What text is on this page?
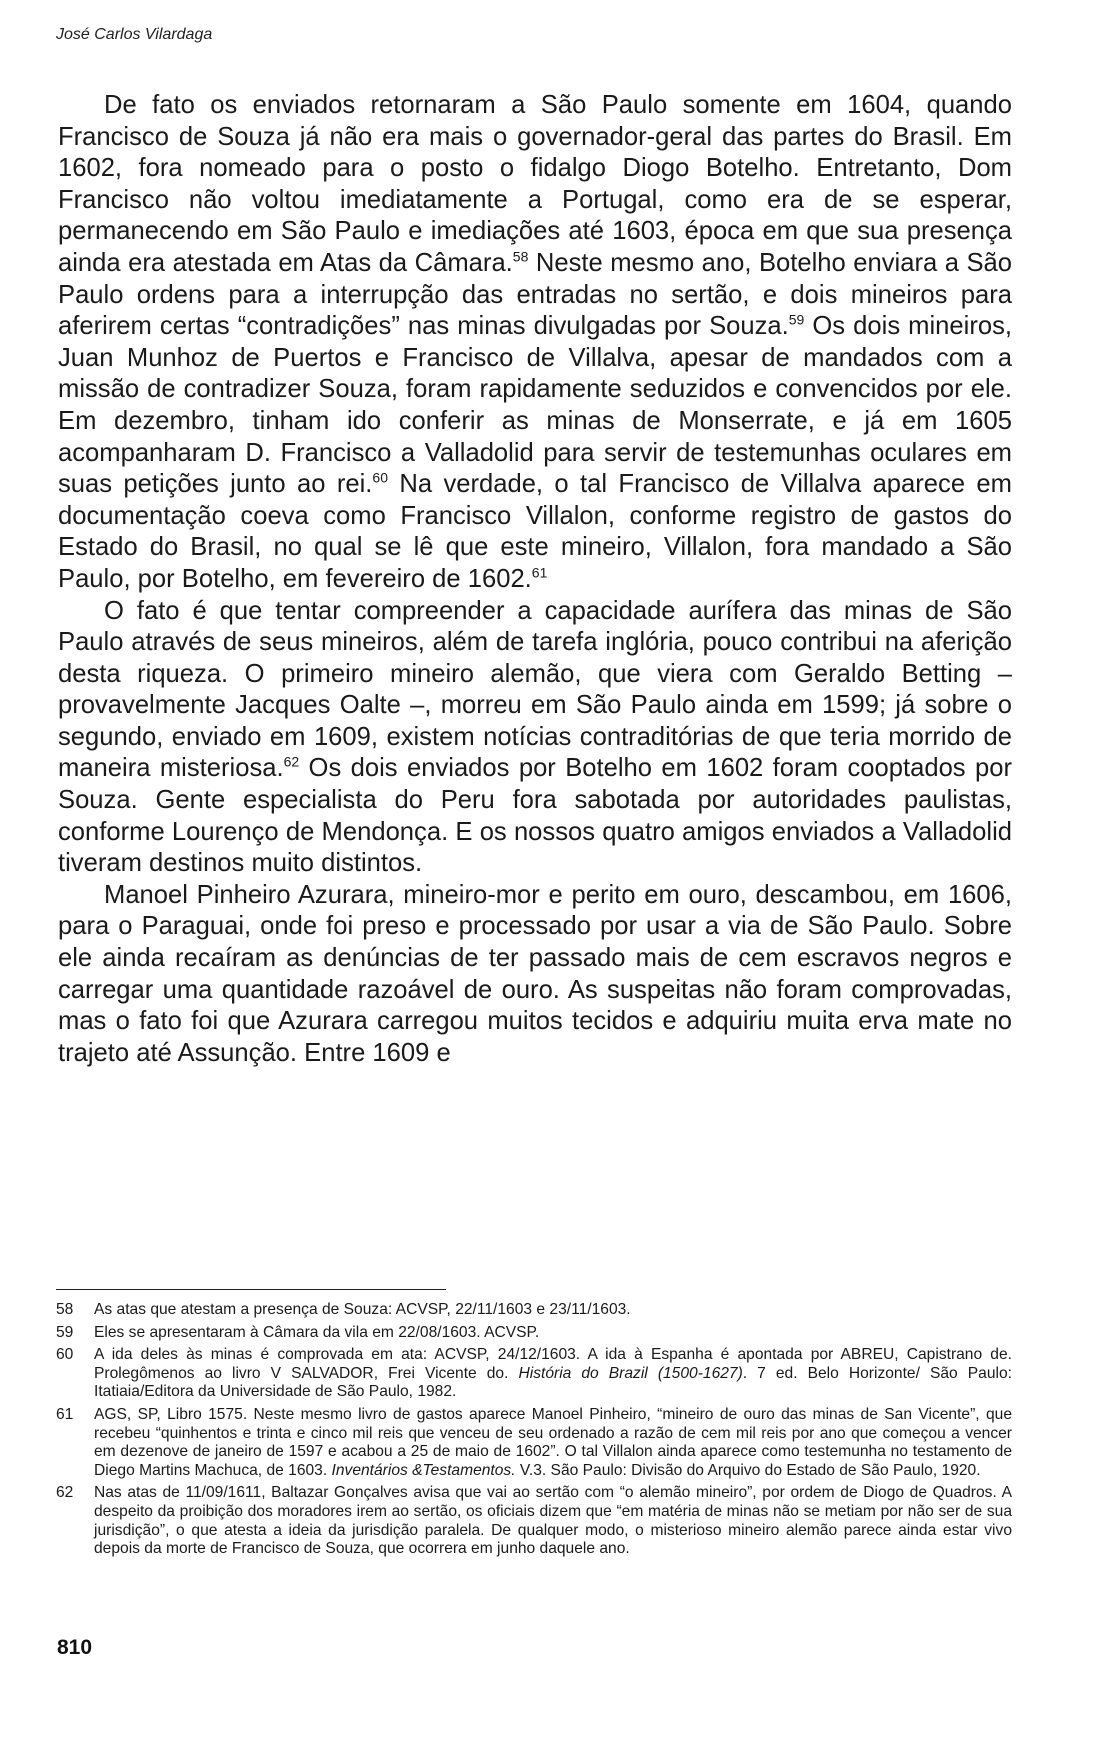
José Carlos Vilardaga

De fato os enviados retornaram a São Paulo somente em 1604, quando Francisco de Souza já não era mais o governador-geral das partes do Brasil. Em 1602, fora nomeado para o posto o fidalgo Diogo Botelho. Entretanto, Dom Francisco não voltou imediatamente a Portugal, como era de se esperar, permanecendo em São Paulo e imediações até 1603, época em que sua presença ainda era atestada em Atas da Câmara.$^{58}$ Neste mesmo ano, Botelho enviara a São Paulo ordens para a interrupção das entradas no sertão, e dois mineiros para aferirem certas “contradições” nas minas divulgadas por Souza.$^{59}$ Os dois mineiros, Juan Munhoz de Puertos e Francisco de Villalva, apesar de mandados com a missão de contradizer Souza, foram rapidamente seduzidos e convencidos por ele. Em dezembro, tinham ido conferir as minas de Monserrate, e já em 1605 acompanharam D. Francisco a Valladolid para servir de testemunhas oculares em suas petições junto ao rei.$^{60}$ Na verdade, o tal Francisco de Villalva aparece em documentação coeva como Francisco Villalon, conforme registro de gastos do Estado do Brasil, no qual se lê que este mineiro, Villalon, fora mandado a São Paulo, por Botelho, em fevereiro de 1602.61

O fato é que tentar compreender a capacidade aurífera das minas de São Paulo através de seus mineiros, além de tarefa inglória, pouco contribui na aferição desta riqueza. O primeiro mineiro alemão, que viera com Geraldo Betting – provavelmente Jacques Oalte –, morreu em São Paulo ainda em 1599; já sobre o segundo, enviado em 1609, existem notícias contraditórias de que teria morrido de maneira misteriosa.$^{62}$ Os dois enviados por Botelho em 1602 foram cooptados por Souza. Gente especialista do Peru fora sabotada por autoridades paulistas, conforme Lourenço de Mendonça. E os nossos quatro amigos enviados a Valladolid tiveram destinos muito distintos.

Manoel Pinheiro Azurara, mineiro-mor e perito em ouro, descambou, em 1606, para o Paraguai, onde foi preso e processado por usar a via de São Paulo. Sobre ele ainda recaíram as denúncias de ter passado mais de cem escravos negros e carregar uma quantidade razoável de ouro. As suspeitas não foram comprovadas, mas o fato foi que Azurara carregou muitos tecidos e adquiriu muita erva mate no trajeto até Assunção. Entre 1609 e

58	As atas que atestam a presença de Souza: ACVSP, 22/11/1603 e 23/11/1603.
59	Eles se apresentaram à Câmara da vila em 22/08/1603. ACVSP.
60	A ida deles às minas é comprovada em ata: ACVSP, 24/12/1603. A ida à Espanha é apontada por ABREU, Capistrano de. Prolegômenos ao livro V SALVADOR, Frei Vicente do. História do Brazil (1500-1627). 7 ed. Belo Horizonte/ São Paulo: Itatiaia/Editora da Universidade de São Paulo, 1982.
61	AGS, SP, Libro 1575. Neste mesmo livro de gastos aparece Manoel Pinheiro, “mineiro de ouro das minas de San Vicente”, que recebeu “quinhentos e trinta e cinco mil reis que venceu de seu ordenado a razão de cem mil reis por ano que começou a vencer em dezenove de janeiro de 1597 e acabou a 25 de maio de 1602”. O tal Villalon ainda aparece como testemunha no testamento de Diego Martins Machuca, de 1603. Inventários &Testamentos. V.3. São Paulo: Divisão do Arquivo do Estado de São Paulo, 1920.
62	Nas atas de 11/09/1611, Baltazar Gonçalves avisa que vai ao sertão com “o alemão mineiro”, por ordem de Diogo de Quadros. A despeito da proibição dos moradores irem ao sertão, os oficiais dizem que “em matéria de minas não se metiam por não ser de sua jurisdição”, o que atesta a ideia da jurisdição paralela. De qualquer modo, o misterioso mineiro alemão parece ainda estar vivo depois da morte de Francisco de Souza, que ocorrera em junho daquele ano.
810
